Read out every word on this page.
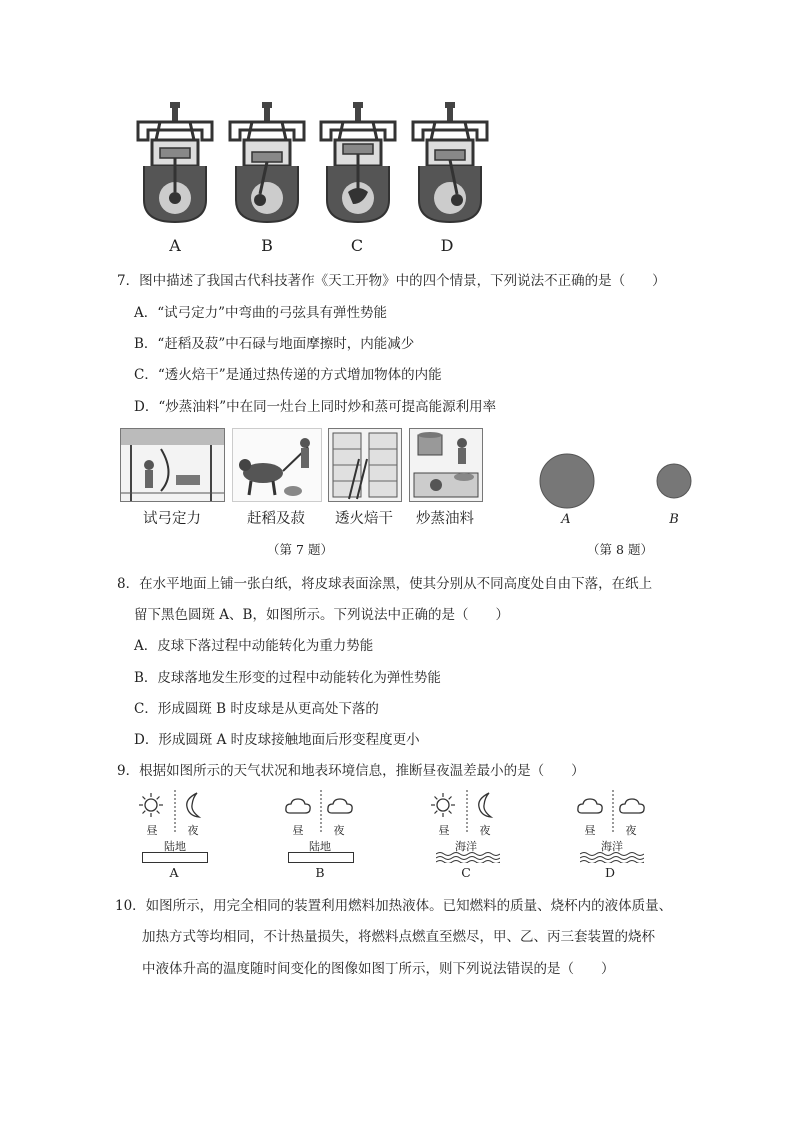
A	B	C	D
7．图中描述了我国古代科技著作《天工开物》中的四个情景，下列说法不正确的是（　　）
A．“试弓定力”中弯曲的弓弦具有弹性势能
B．“赶稻及菽”中石碌与地面摩擦时，内能减少
C．“透火焙干”是通过热传递的方式增加物体的内能
D．“炒蒸油料”中在同一灶台上同时炒和蒸可提高能源利用率
试弓定力	赶稻及菽	透火焙干	炒蒸油料
（第 7 题）
A	B
（第 8 题）
8．在水平地面上铺一张白纸，将皮球表面涂黑，使其分别从不同高度处自由下落，在纸上
留下黑色圆斑 A、B，如图所示。下列说法中正确的是（　　）
A．皮球下落过程中动能转化为重力势能
B．皮球落地发生形变的过程中动能转化为弹性势能
C．形成圆斑 B 时皮球是从更高处下落的
D．形成圆斑 A 时皮球接触地面后形变程度更小
9．根据如图所示的天气状况和地表环境信息，推断昼夜温差最小的是（　　）
昼	夜
陆地
A
昼	夜
陆地
B
昼	夜
海洋
C
昼	夜
海洋
D
10．如图所示，用完全相同的装置利用燃料加热液体。已知燃料的质量、烧杯内的液体质量、
加热方式等均相同，不计热量损失，将燃料点燃直至燃尽，甲、乙、丙三套装置的烧杯
中液体升高的温度随时间变化的图像如图丁所示，则下列说法错误的是（　　）
